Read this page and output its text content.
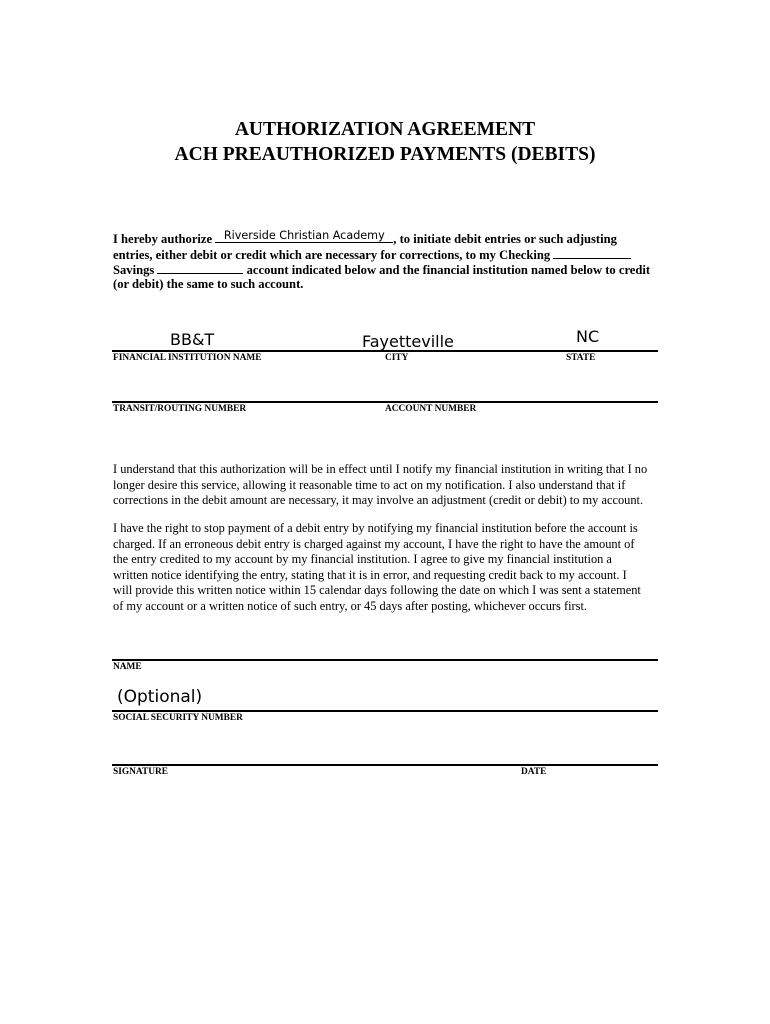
AUTHORIZATION AGREEMENT
ACH PREAUTHORIZED PAYMENTS (DEBITS)
I hereby authorize Riverside Christian Academy , to initiate debit entries or such adjusting
entries, either debit or credit which are necessary for corrections, to my Checking
Savings	account indicated below and the financial institution named below to credit
(or debit) the same to such account.
BB&T	Fayetteville	NC
FINANCIAL INSTITUTION NAME	CITY	STATE
TRANSIT/ROUTING NUMBER	ACCOUNT NUMBER
I understand that this authorization will be in effect until I notify my financial institution in writing that I no
longer desire this service, allowing it reasonable time to act on my notification. I also understand that if
corrections in the debit amount are necessary, it may involve an adjustment (credit or debit) to my account.
I have the right to stop payment of a debit entry by notifying my financial institution before the account is
charged. If an erroneous debit entry is charged against my account, I have the right to have the amount of
the entry credited to my account by my financial institution. I agree to give my financial institution a
written notice identifying the entry, stating that it is in error, and requesting credit back to my account. I
will provide this written notice within 15 calendar days following the date on which I was sent a statement
of my account or a written notice of such entry, or 45 days after posting, whichever occurs first.
NAME
(Optional)
SOCIAL SECURITY NUMBER
SIGNATURE	DATE
